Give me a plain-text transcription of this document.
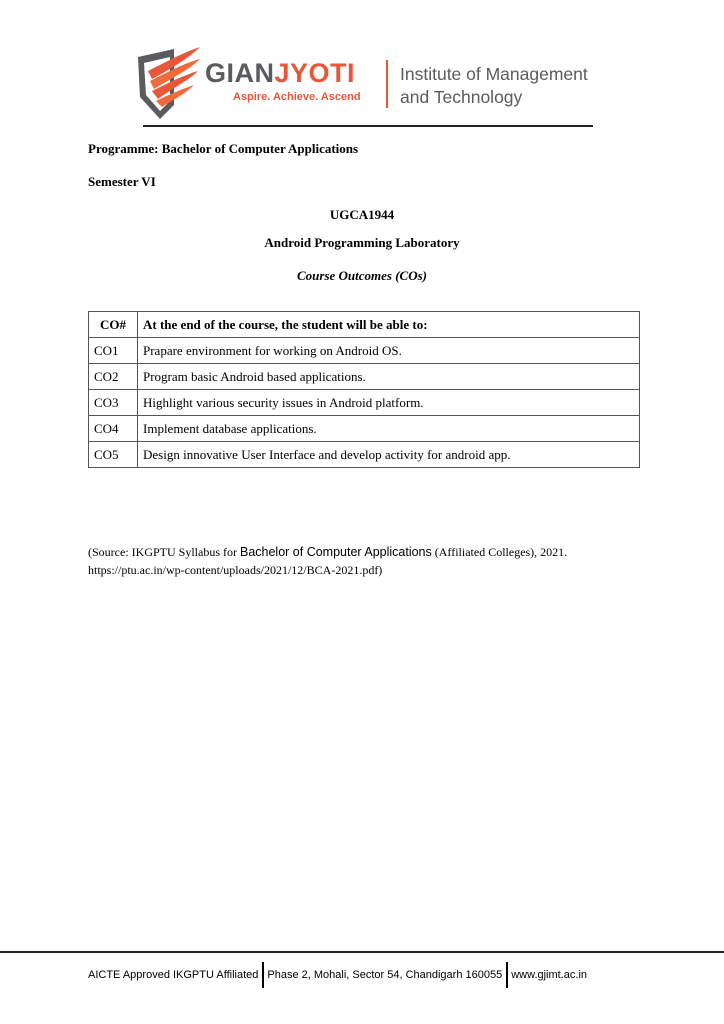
GIANJYOTI
Aspire. Achieve. Ascend
Institute of Management
and Technology
Programme: Bachelor of Computer Applications
Semester VI
UGCA1944
Android Programming Laboratory
Course Outcomes (COs)
CO#	At the end of the course, the student will be able to:
CO1	Prapare environment for working on Android OS.
CO2	Program basic Android based applications.
CO3	Highlight various security issues in Android platform.
CO4	Implement database applications.
CO5	Design innovative User Interface and develop activity for android app.
(Source: IKGPTU Syllabus for Bachelor of Computer Applications (Affiliated Colleges), 2021.
https://ptu.ac.in/wp-content/uploads/2021/12/BCA-2021.pdf)
AICTE Approved IKGPTU Affiliated Phase 2, Mohali, Sector 54, Chandigarh 160055 www.gjimt.ac.in
